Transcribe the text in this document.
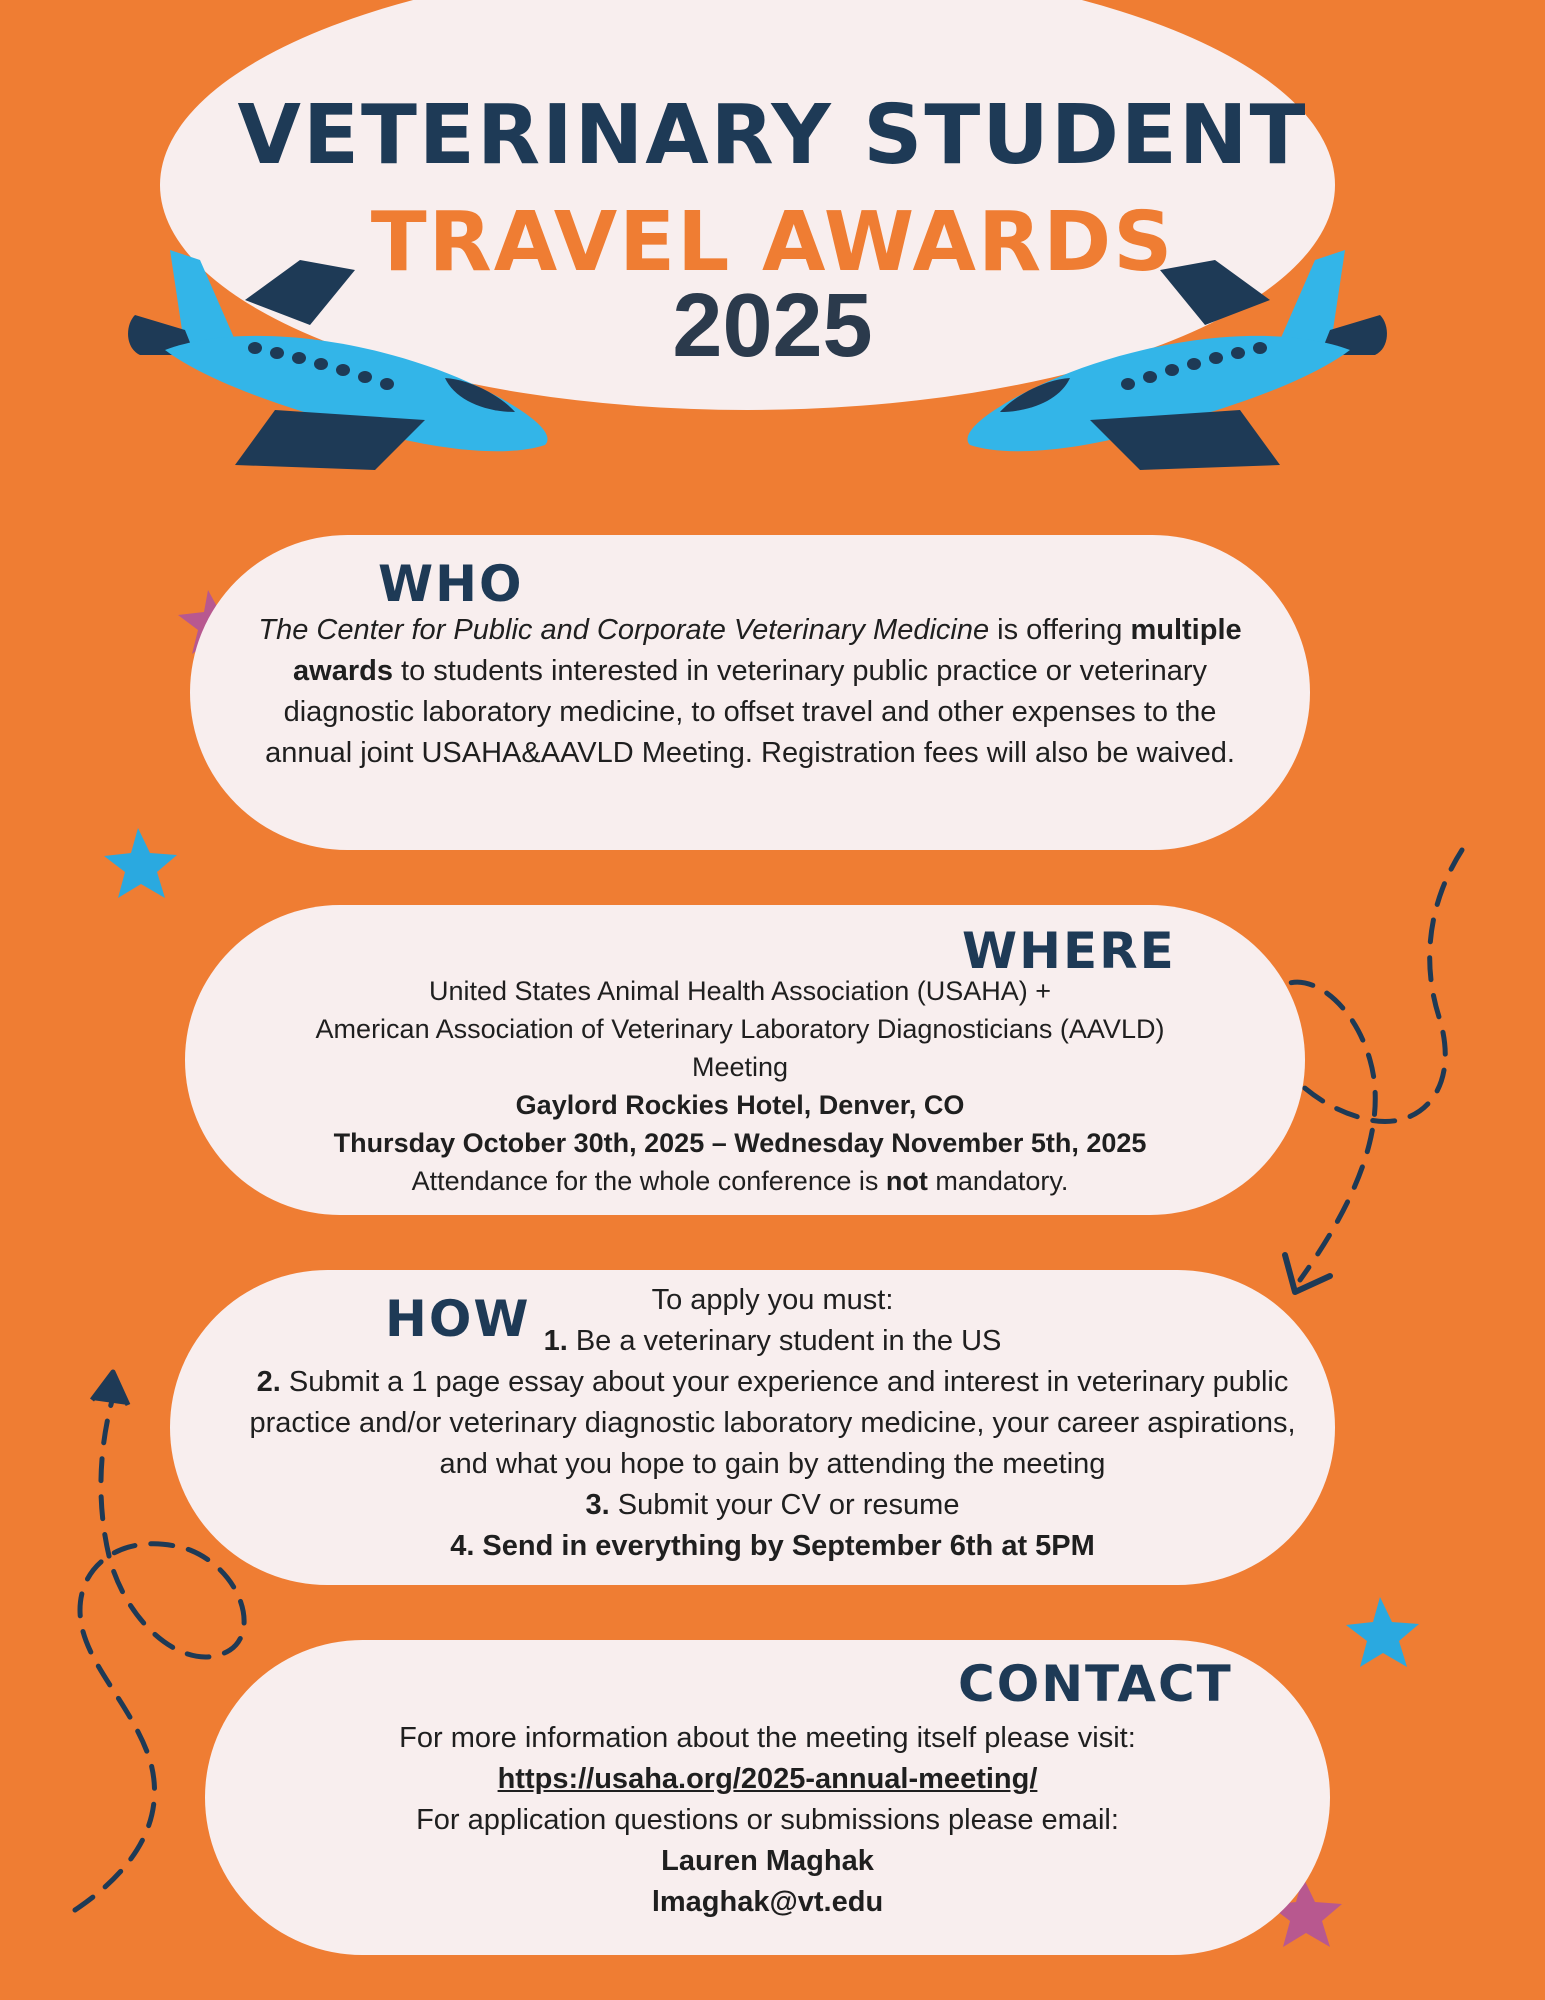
VETERINARY STUDENT
TRAVEL AWARDS
2025
WHO
The Center for Public and Corporate Veterinary Medicine is offering multiple
awards to students interested in veterinary public practice or veterinary
diagnostic laboratory medicine, to offset travel and other expenses to the
annual joint USAHA&AAVLD Meeting. Registration fees will also be waived.
WHERE
United States Animal Health Association (USAHA) +
American Association of Veterinary Laboratory Diagnosticians (AAVLD)
Meeting
Gaylord Rockies Hotel, Denver, CO
Thursday October 30th, 2025 – Wednesday November 5th, 2025
Attendance for the whole conference is not mandatory.
HOW	To apply you must:
1. Be a veterinary student in the US
2. Submit a 1 page essay about your experience and interest in veterinary public
practice and/or veterinary diagnostic laboratory medicine, your career aspirations,
and what you hope to gain by attending the meeting
3. Submit your CV or resume
4. Send in everything by September 6th at 5PM
CONTACT
For more information about the meeting itself please visit:
https://usaha.org/2025-annual-meeting/
For application questions or submissions please email:
Lauren Maghak
lmaghak@vt.edu
